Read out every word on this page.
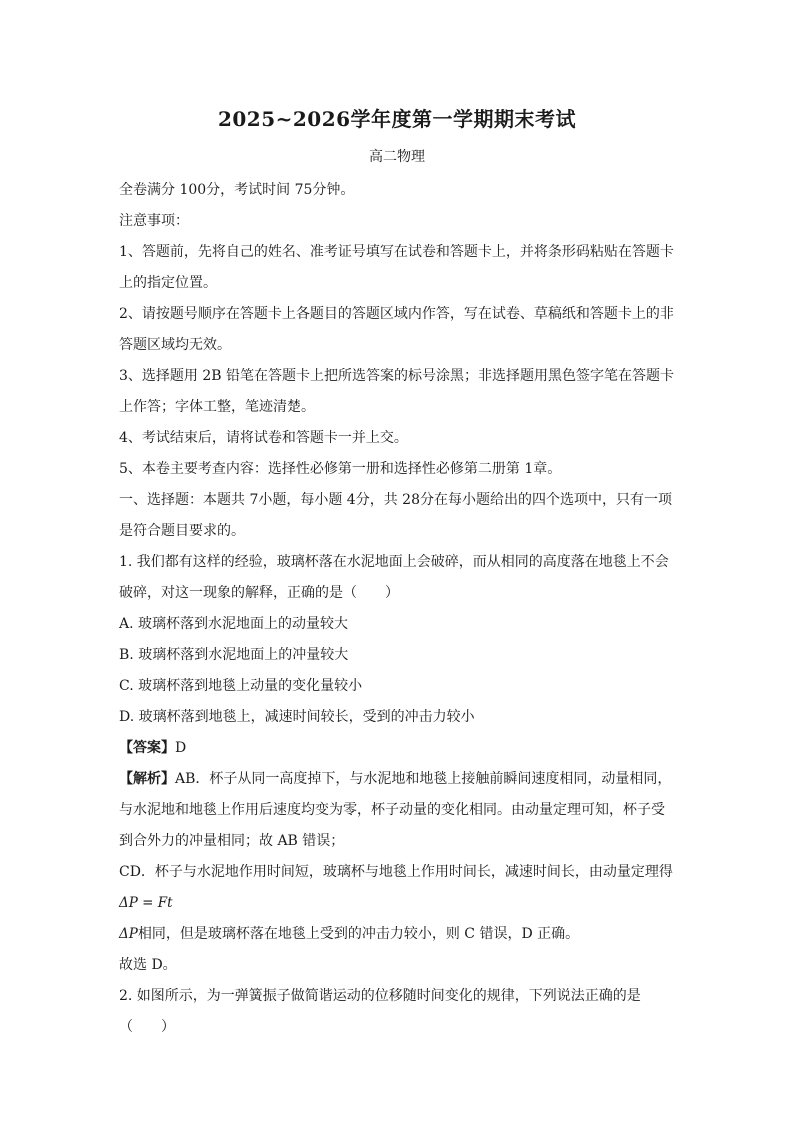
2025~2026学年度第一学期期末考试
高二物理

全卷满分 100分，考试时间 75分钟。

注意事项：

1、答题前，先将自己的姓名、准考证号填写在试卷和答题卡上，并将条形码粘贴在答题卡上的指定位置。

2、请按题号顺序在答题卡上各题目的答题区域内作答，写在试卷、草稿纸和答题卡上的非答题区域均无效。

3、选择题用 2B 铅笔在答题卡上把所选答案的标号涂黑；非选择题用黑色签字笔在答题卡上作答；字体工整，笔迹清楚。

4、考试结束后，请将试卷和答题卡一并上交。

5、本卷主要考查内容：选择性必修第一册和选择性必修第二册第 1章。

一、选择题：本题共 7小题，每小题 4分，共 28分在每小题给出的四个选项中，只有一项是符合题目要求的。

1. 我们都有这样的经验，玻璃杯落在水泥地面上会破碎，而从相同的高度落在地毯上不会破碎，对这一现象的解释，正确的是（　　）

A. 玻璃杯落到水泥地面上的动量较大

B. 玻璃杯落到水泥地面上的冲量较大

C. 玻璃杯落到地毯上动量的变化量较小

D. 玻璃杯落到地毯上，减速时间较长，受到的冲击力较小

【答案】D

【解析】AB．杯子从同一高度掉下，与水泥地和地毯上接触前瞬间速度相同，动量相同，与水泥地和地毯上作用后速度均变为零，杯子动量的变化相同。由动量定理可知，杯子受到合外力的冲量相同；故 AB 错误；

CD．杯子与水泥地作用时间短，玻璃杯与地毯上作用时间长，减速时间长，由动量定理得

ΔP = Ft

ΔP相同，但是玻璃杯落在地毯上受到的冲击力较小，则 C 错误，D 正确。

故选 D。

2. 如图所示，为一弹簧振子做简谐运动的位移随时间变化的规律，下列说法正确的是（　　）
